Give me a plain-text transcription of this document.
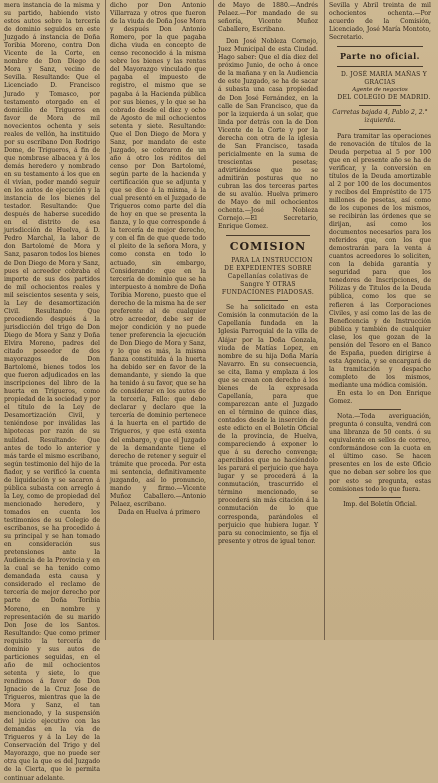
mera instancia de la misma y su partido, habiendo visto estos autos sobre la tercería de dominio seguidos en este Juzgado á instancia de Doña Toribia Moreno, contra Don Vicente de la Corte, en nombre de Don Diego de Mora y Sanz, vecino de Sevilla. Resultando: Que el Licenciado D. Francisco Jurado y Tomasco, por testamento otorgado en el domicilio de Trigueros en favor de Mora de mil novecientos ochenta y seis reales de vellón, ha instituido por su escribano Don Rodrigo Dome, de Trigueros, á fin de que nombrase albacea y á los demás heredero y nombrado en su testamento á los que en él vivían, poder mandó seguir en los autos de ejecución y la instancia de los bienes del testador. Resultando: Que después de haberse sucedido en el distrito de esa jurisdicción de Huelva, á D. Pedro Marchal, la labor de don Bartolomé de Mora y Sanz, pasaron todos los bienes de Don Diego de Mora y Sanz, pues el acreedor cobraba el importe de sus dos partidos de mil ochocientos reales y mil seiscientos sesenta y seis, la Ley de desamortización Civil. Resultando: Que procediendo después á la jurisdicción del trigo de Don Diego de Mora y Sanz y Doña Elvira Moreno, padres del citado poseedor de dos mayorazgos de Don Bartolomé, bienes todos los que fueron adjudicados en las inscripciones del libro de la huerta en Trigueros, como propiedad de la sociedad y por el título de la Ley de Desamortización Civil, y teniéndose por inválidas las hipotecas por razón de su nulidad. Resultando: Que antes de todo lo anterior y más tarde el mismo escribano, según testimonio del hijo de la fiador, y se verificó la cuenta de liquidación y se sacaron á pública subasta con arreglo á la Ley, como de propiedad del mencionado heredero, y tomados en cuenta los testimonios de su Colegio de escribanos, se ha procedido á su principal y se han tomado en consideración sus pretensiones ante la Audiencia de la Provincia y en la cual se ha tenido como demandada esta causa y considerado el reclamo de tercería de mejor derecho por parte de Doña Toribia Moreno, en nombre y representación de su marido Don Jose de los Santos. Resultando: Que como primer requisito la tercería de dominio y sus autos de particiones seguidas, en el año de mil ochocientos setenta y siete, lo que rendimos á favor de Don Ignacio de la Cruz Jose de Trigueros, mientras que la de Mora y Sanz, el tan mencionado, y la suspensión del juicio ejecutivo con las demandas en la vía de Trigueros y á la Ley de la Conservación del Trigo y del Mayorazgo, que no puede ser otra que la que es del Juzgado de la Cierta, que le permita continuar adelante.

dicho por Don Antonio Villarraza y otros que fueron de la viuda de Doña Jose Mora y después Don Antonio Romero, por la que pagaba dicha viuda en concepto de censo reconocido á la misma sobre los bienes y las rentas del Mayorazgo vinculado que pagaba el impuesto de registro, el mismo que se pagaba á la Hacienda pública por sus bienes, y lo que se ha cobrado desde el diez y ocho de Agosto de mil ochocientos setenta y siete. Resultando: Que el Don Diego de Mora y Sanz, por mandato de este Juzgado, se cobraron de un año á otro los réditos del censo por Don Bartolomé, según parte de la hacienda y certificación que se adjunta y que se dice á la misma, á la cual presentó en el Juzgado de Trigueros como parte del día de hoy en que se presenta la fianza, y lo que corresponde á la tercería de mejor derecho, y con el fin de que quede todo el pleito de la señora Mora, y como consta en todo lo actuado, sin embargo, Considerando: que en la tercería de dominio que se ha interpuesto á nombre de Doña Toribia Moreno, puesto que el derecho de la misma ha de ser preferente al de cualquier otro acreedor, debe ser de mejor condición y no puede tener preferencia la ejecución de Don Diego de Mora y Sanz, y lo que es más, la misma fianza constituida á la huerta ha debido ser en favor de la demandante, y siendo la que ha tenido á su favor, que se ha de considerar en los autos de la tercería, Fallo: que debo declarar y declaro que la tercería de dominio pertenece á la huerta en el partido de Trigueros, y que está exenta del embargo, y que el Juzgado de la demandante tiene el derecho de retener y seguir el trámite que proceda. Por esta mi sentencia, definitivamente juzgando, así lo pronuncio, mando y firmo.—Vicente Muñoz Caballero.—Antonio Pelaez, escribano.

Dada en Huelva á primero

de Mayo de 1880.—Andrés Pelaez.—Por mandado de su señoría, Vicente Muñoz Caballero, Escribano.

Don José Nobleza Cornejo, Juez Municipal de esta Ciudad. Hago saber: Que el día diez del próximo Junio, de ocho á once de la mañana y en la Audiencia de este Juzgado, se ha de sacar á subasta una casa propiedad de Don José Fernández, en la calle de San Francisco, que da por la izquierda á un solar, que linda por detrás con la de Don Vicente de la Corte y por la derecha con otra de la iglesia de San Francisco, tasada pericialmente en la suma de trescientas pesetas; advirtiéndose que no se admitirán posturas que no cubran las dos terceras partes de su avalúo. Huelva primero de Mayo de mil ochocientos ochenta.—José Nobleza Cornejo.—El Secretario, Enrique Gomez.

COMISION

PARA LA INSTRUCCION DE EXPEDIENTES SOBRE Capellanías colativas de Sangre Y OTRAS FUNDACIONES PIADOSAS.

Se ha solicitado en esta Comisión la conmutación de la Capellanía fundada en la Iglesia Parroquial de la villa de Alájar por la Doña Gonzala, viuda de Matías Lopez, en nombre de su hija Doña María Navarro. En su consecuencia, se cita, llama y emplaza á los que se crean con derecho á los bienes de la expresada Capellanía, para que comparezcan ante el Juzgado en el término de quince días, contados desde la inserción de este edicto en el Boletín Oficial de la provincia, de Huelva, compareciendo á exponer lo que á su derecho convenga; apercibidos que no haciéndolo les parará el perjuicio que haya lugar y se procederá á la conmutación, trascurrido el término mencionado, se procederá sin más citación á la conmutación de lo que corresponda, parándoles el perjuicio que hubiera lugar. Y para su conocimiento, se fija el presente y otros de igual tenor.

Sevilla y Abril treinta de mil ochocientos ochenta.—Por acuerdo de la Comisión, Licenciado, José María Montoto, Secretario.

Parte no oficial.

D. JOSÉ MARÍA MAÑAS Y GRACIAS

Agente de negocios

DEL COLEGIO DE MADRID.

Carretas bajada 4, Pablo 2, 2.° izquierda.

Para tramitar las operaciones de renovación de títulos de la Deuda perpetua al 5 por 100 que en el presente año se ha de verificar, y la conversión en títulos de la Deuda amortizable al 2 por 100 de los documentos y recibos del Empréstito de 175 millones de pesetas, así como de los cupones de los mismos, se recibirán las órdenes que se dirijan, así como los documentos necesarios para los referidos que, con los que demostrarán para la venta á cuantos acreedores lo soliciten, con la debida garantía y seguridad para que los tenedores de Inscripciones, de Pólizas y de Titulos de la Deuda pública, como los que se refieren á las Corporaciones Civiles, y así como las de las de Beneficencia y de Instrucción pública y también de cualquier clase, los que gozan de la pensión del Tesoro en el Banco de España, pueden dirigirse á esta Agencia, y se encargará de la tramitación y despacho completo de los mismos, mediante una módica comisión.

En esta lo en Don Enrique Gomez.

Nota.—Toda averiguación, pregunta ó consulta, vendrá con una libranza de 50 cents. ó su equivalente en sellos de correo, conformándose con la cuota en el último caso. Se hacen presentes en los de este Oficio que no deban ser sobre los que por esto se pregunta, estas comisiones todo lo que fuera.

Imp. del Boletín Oficial.
